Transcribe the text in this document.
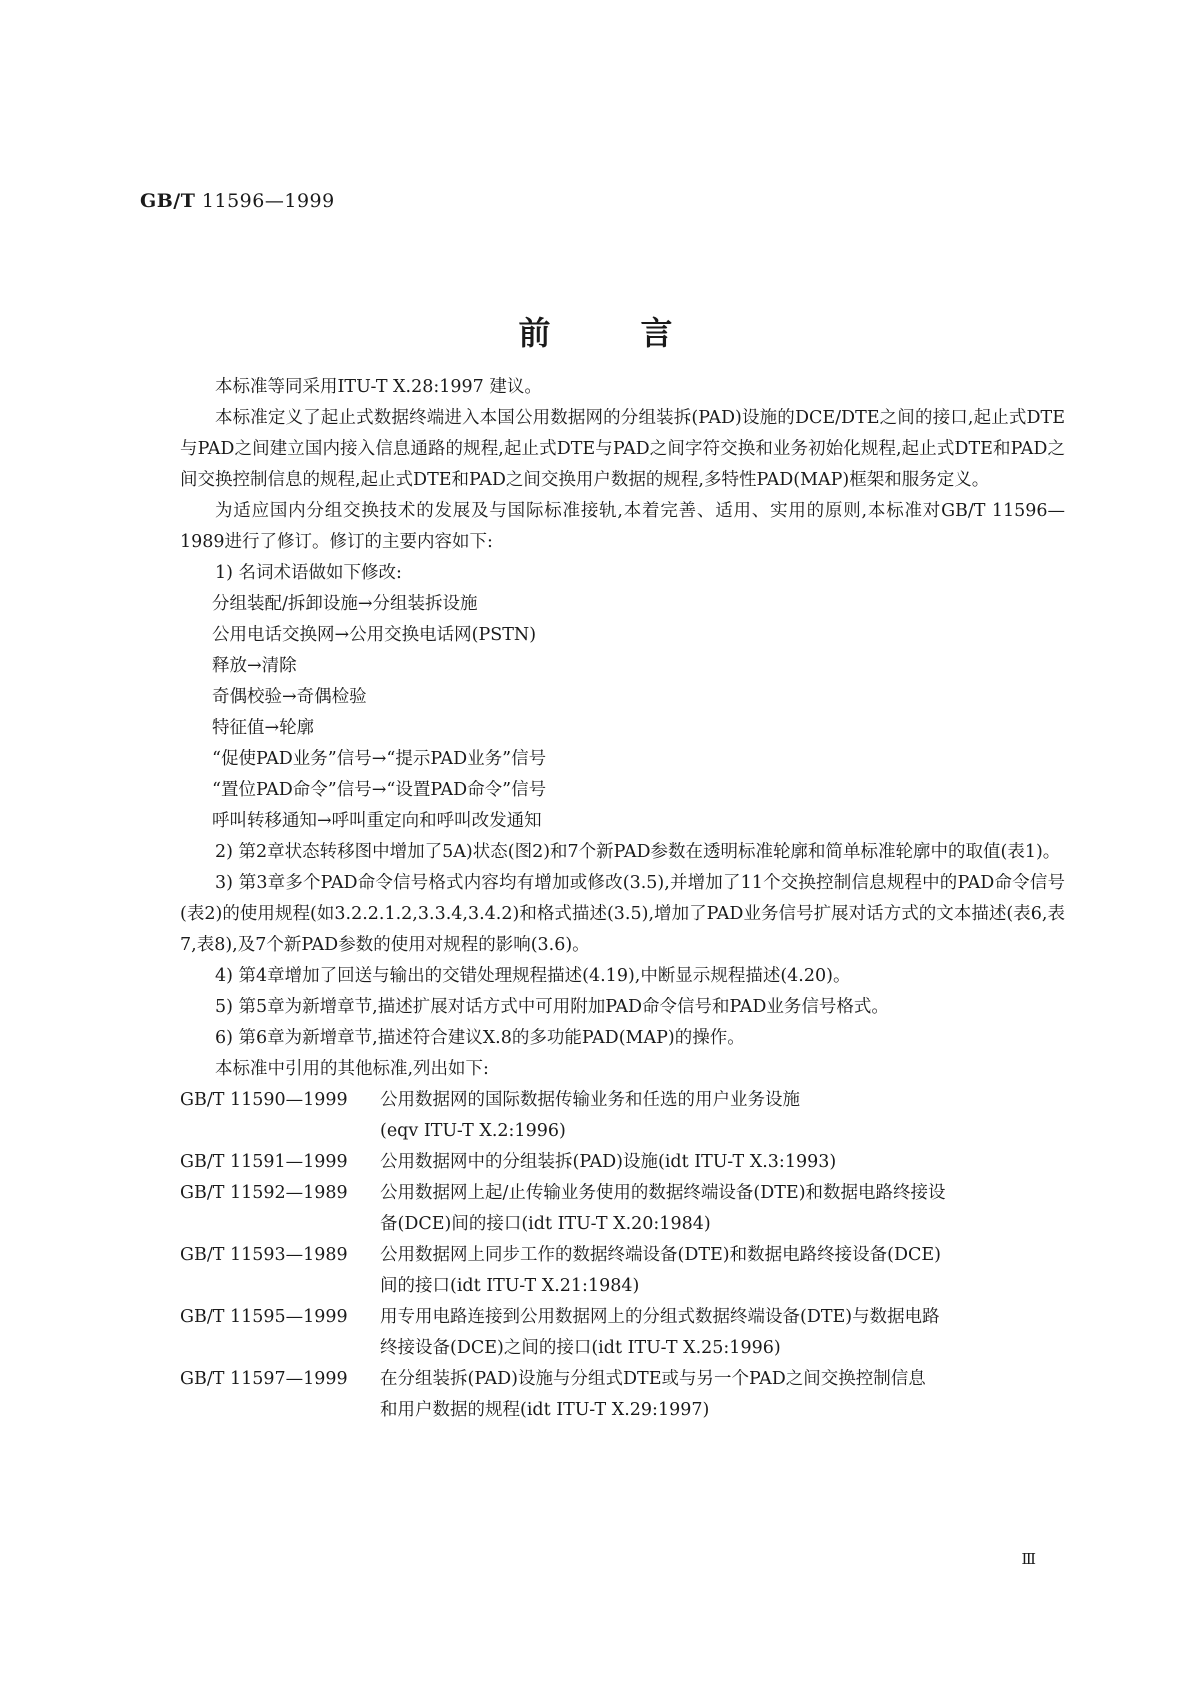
GB/T 11596—1999
前言

本标准等同采用ITU-T X.28:1997 建议。

本标准定义了起止式数据终端进入本国公用数据网的分组装拆(PAD)设施的DCE/DTE之间的接口,起止式DTE与PAD之间建立国内接入信息通路的规程,起止式DTE与PAD之间字符交换和业务初始化规程,起止式DTE和PAD之间交换控制信息的规程,起止式DTE和PAD之间交换用户数据的规程,多特性PAD(MAP)框架和服务定义。

为适应国内分组交换技术的发展及与国际标准接轨,本着完善、适用、实用的原则,本标准对GB/T 11596—1989进行了修订。修订的主要内容如下:

1) 名词术语做如下修改:

分组装配/拆卸设施→分组装拆设施

公用电话交换网→公用交换电话网(PSTN)

释放→清除

奇偶校验→奇偶检验

特征值→轮廓

“促使PAD业务”信号→“提示PAD业务”信号

“置位PAD命令”信号→“设置PAD命令”信号

呼叫转移通知→呼叫重定向和呼叫改发通知

2) 第2章状态转移图中增加了5A)状态(图2)和7个新PAD参数在透明标准轮廓和简单标准轮廓中的取值(表1)。

3) 第3章多个PAD命令信号格式内容均有增加或修改(3.5),并增加了11个交换控制信息规程中的PAD命令信号(表2)的使用规程(如3.2.2.1.2,3.3.4,3.4.2)和格式描述(3.5),增加了PAD业务信号扩展对话方式的文本描述(表6,表7,表8),及7个新PAD参数的使用对规程的影响(3.6)。

4) 第4章增加了回送与输出的交错处理规程描述(4.19),中断显示规程描述(4.20)。

5) 第5章为新增章节,描述扩展对话方式中可用附加PAD命令信号和PAD业务信号格式。

6) 第6章为新增章节,描述符合建议X.8的多功能PAD(MAP)的操作。

本标准中引用的其他标准,列出如下:

GB/T 11590—1999	公用数据网的国际数据传输业务和任选的用户业务设施
(eqv ITU-T X.2:1996)
GB/T 11591—1999	公用数据网中的分组装拆(PAD)设施(idt ITU-T X.3:1993)
GB/T 11592—1989	公用数据网上起/止传输业务使用的数据终端设备(DTE)和数据电路终接设
备(DCE)间的接口(idt ITU-T X.20:1984)
GB/T 11593—1989	公用数据网上同步工作的数据终端设备(DTE)和数据电路终接设备(DCE)
间的接口(idt ITU-T X.21:1984)
GB/T 11595—1999	用专用电路连接到公用数据网上的分组式数据终端设备(DTE)与数据电路
终接设备(DCE)之间的接口(idt ITU-T X.25:1996)
GB/T 11597—1999	在分组装拆(PAD)设施与分组式DTE或与另一个PAD之间交换控制信息
和用户数据的规程(idt ITU-T X.29:1997)
Ⅲ
